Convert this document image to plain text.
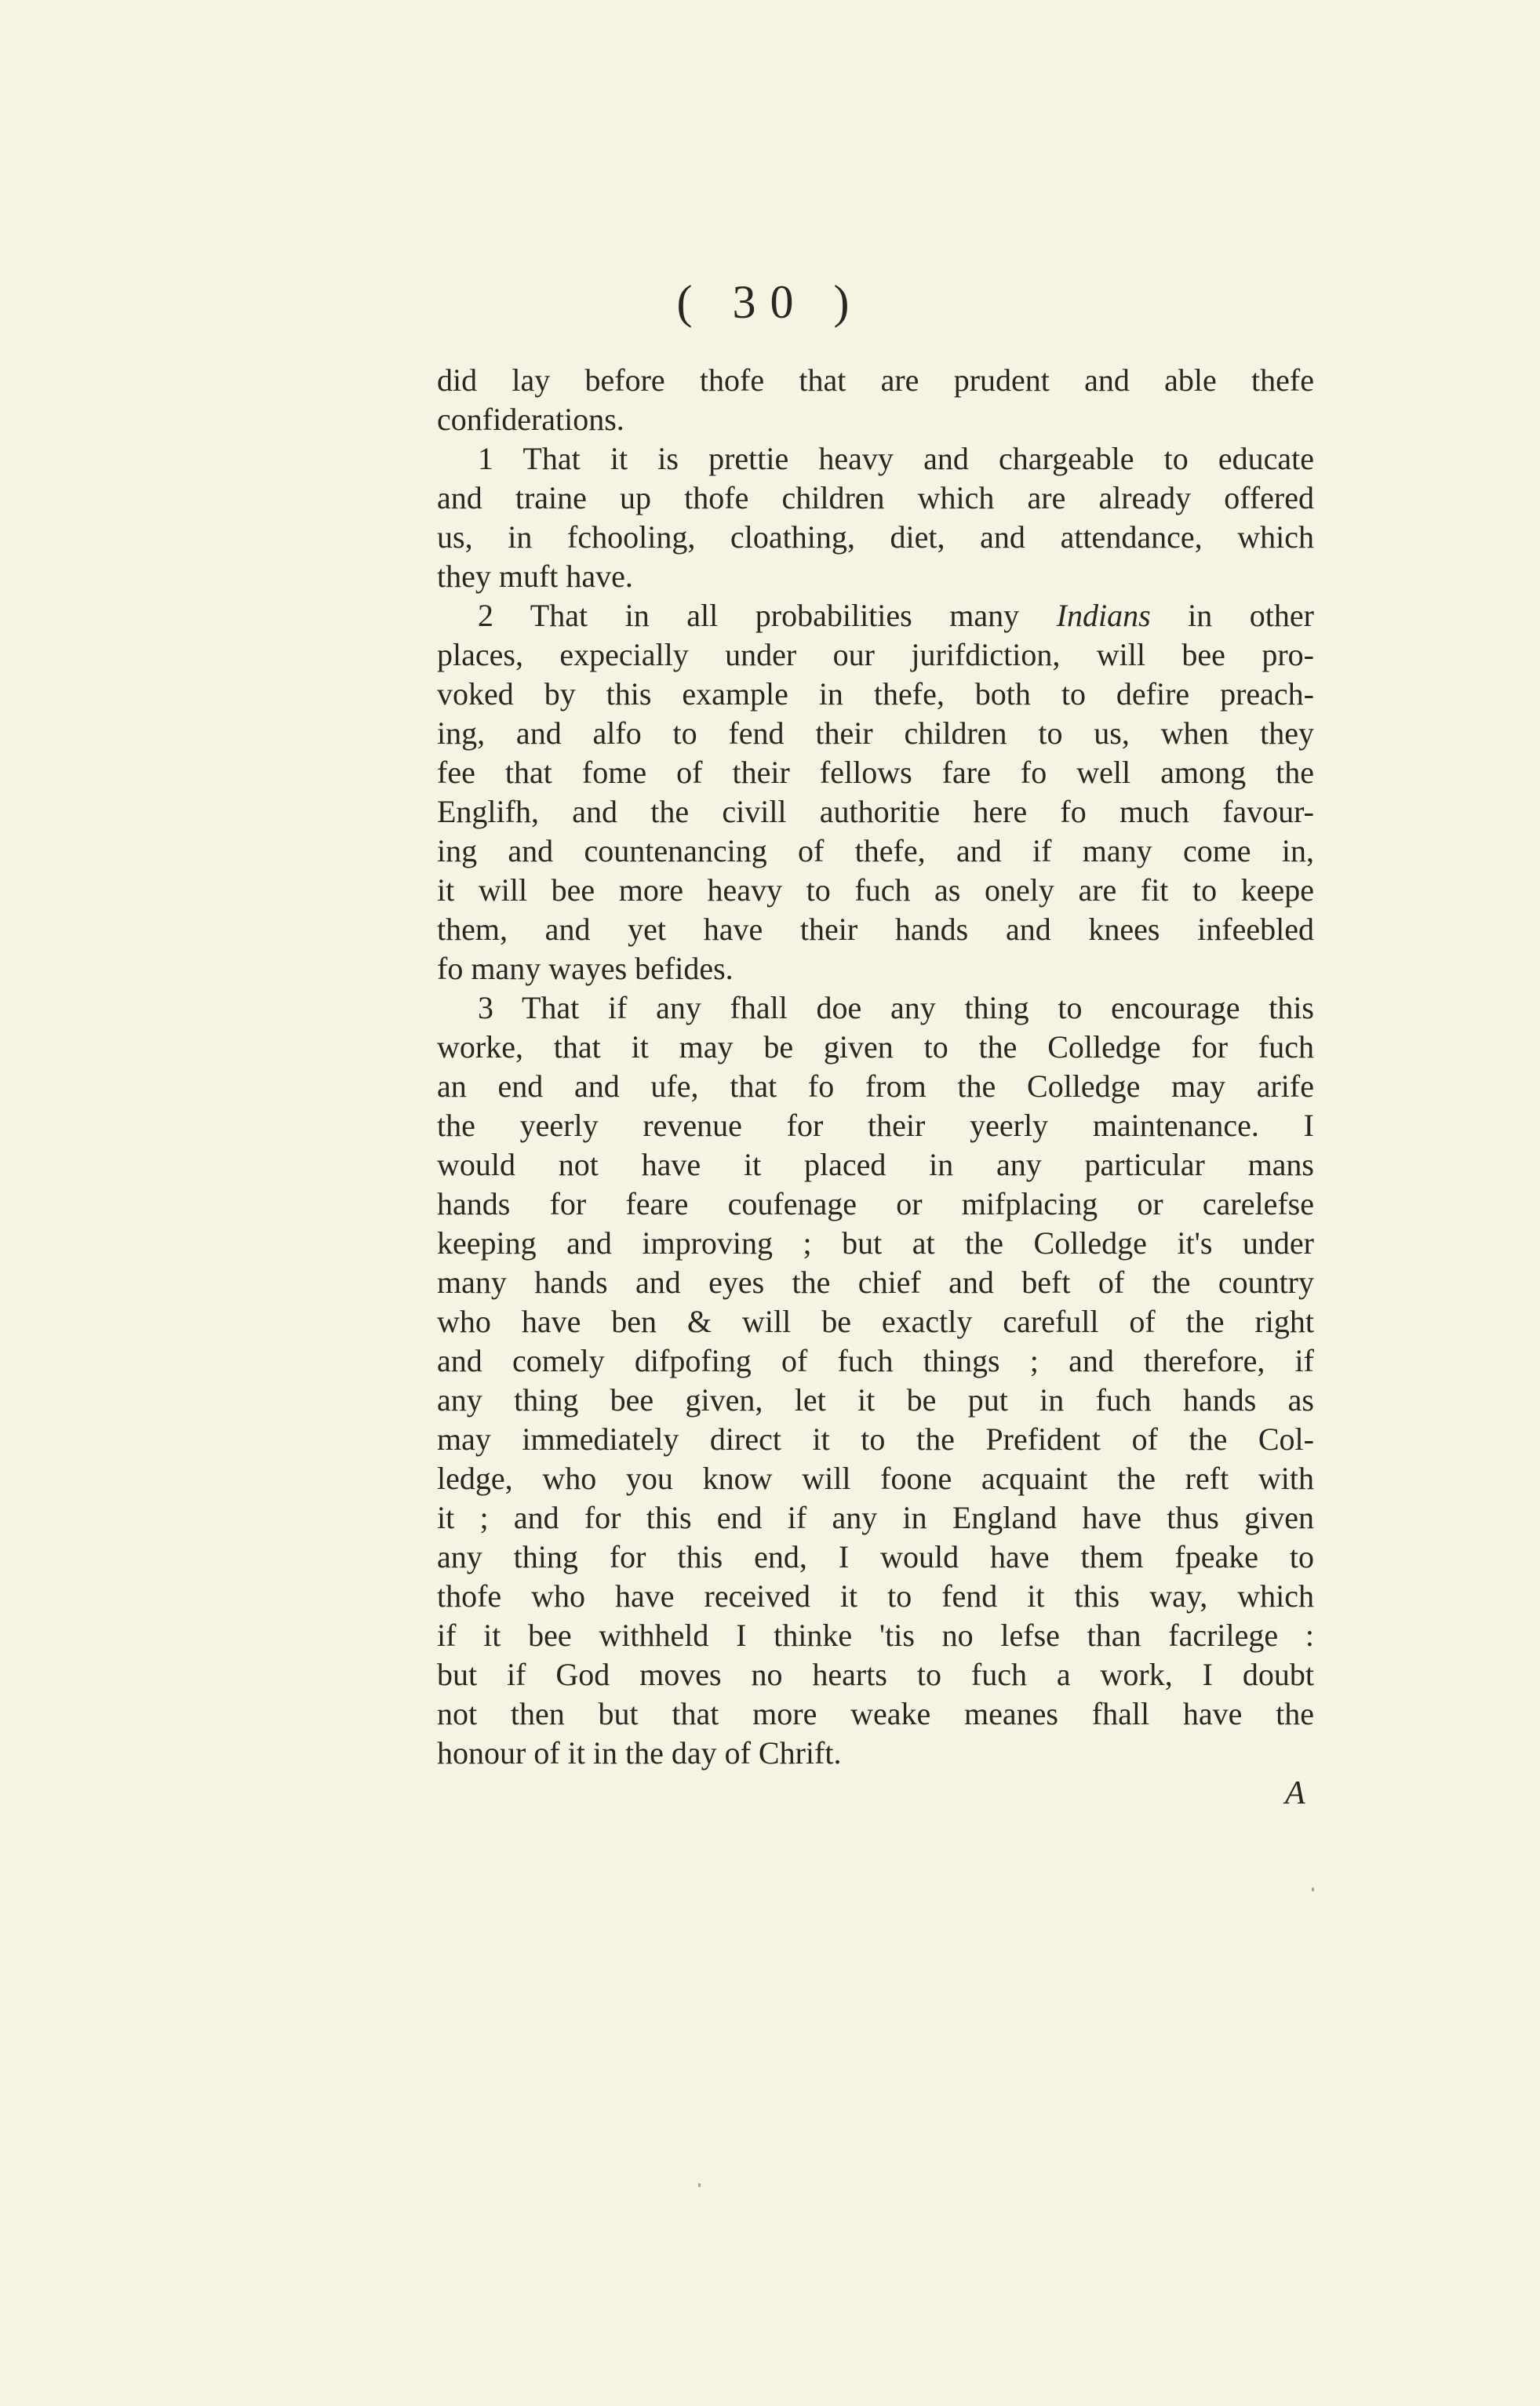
( 30 )
did lay before thofe that are prudent and able thefe
confiderations.
1 That it is prettie heavy and chargeable to educate
and traine up thofe children which are already offered
us, in fchooling, cloathing, diet, and attendance, which
they muft have.
2 That in all probabilities many Indians in other
places, expecially under our jurifdiction, will bee pro-
voked by this example in thefe, both to defire preach-
ing, and alfo to fend their children to us, when they
fee that fome of their fellows fare fo well among the
Englifh, and the civill authoritie here fo much favour-
ing and countenancing of thefe, and if many come in,
it will bee more heavy to fuch as onely are fit to keepe
them, and yet have their hands and knees infeebled
fo many wayes befides.
3 That if any fhall doe any thing to encourage this
worke, that it may be given to the Colledge for fuch
an end and ufe, that fo from the Colledge may arife
the yeerly revenue for their yeerly maintenance. I
would not have it placed in any particular mans
hands for feare coufenage or mifplacing or carelefse
keeping and improving ; but at the Colledge it's under
many hands and eyes the chief and beft of the country
who have ben & will be exactly carefull of the right
and comely difpofing of fuch things ; and therefore, if
any thing bee given, let it be put in fuch hands as
may immediately direct it to the Prefident of the Col-
ledge, who you know will foone acquaint the reft with
it ; and for this end if any in England have thus given
any thing for this end, I would have them fpeake to
thofe who have received it to fend it this way, which
if it bee withheld I thinke 'tis no lefse than facrilege :
but if God moves no hearts to fuch a work, I doubt
not then but that more weake meanes fhall have the
honour of it in the day of Chrift.
A
